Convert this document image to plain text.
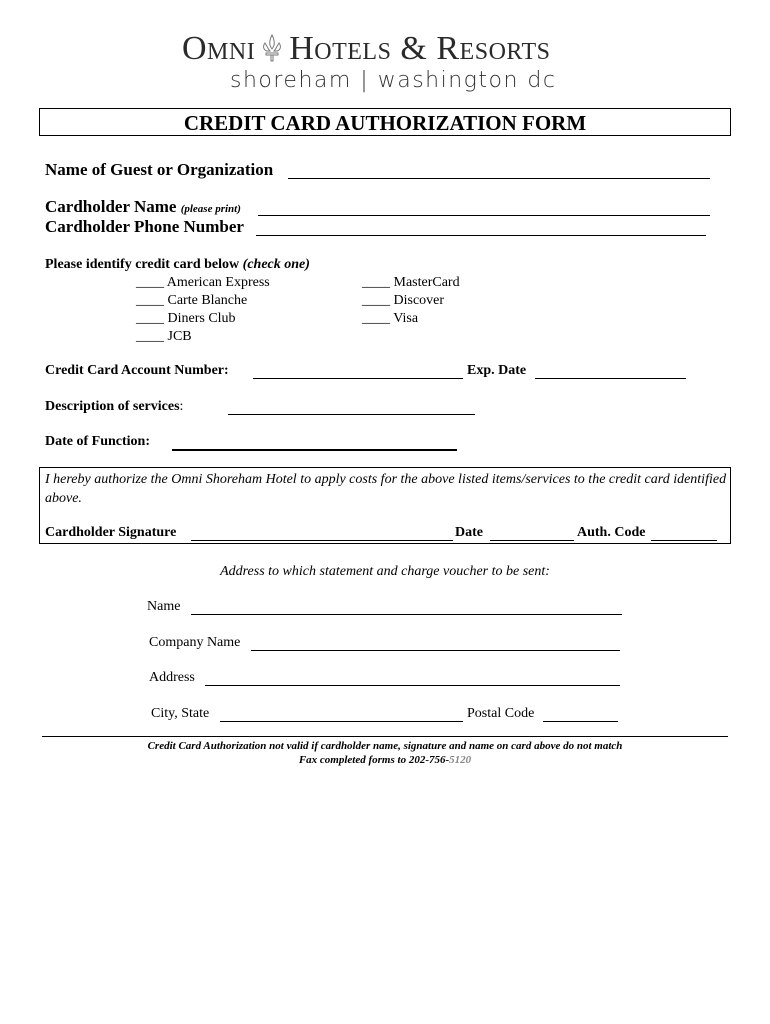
Omni Hotels & Resorts
shoreham | washington dc
CREDIT CARD AUTHORIZATION FORM
Name of Guest or Organization
Cardholder Name (please print)
Cardholder Phone Number
Please identify credit card below (check one)
____ American Express
____ Carte Blanche
____ Diners Club
____ JCB
____ MasterCard
____ Discover
____ Visa
Credit Card Account Number:	Exp. Date
Description of services:
Date of Function:
I hereby authorize the Omni Shoreham Hotel to apply costs for the above listed items/services to the credit card identified above.
Cardholder Signature	Date	Auth. Code
Address to which statement and charge voucher to be sent:
Name
Company Name
Address
City, State	Postal Code
Credit Card Authorization not valid if cardholder name, signature and name on card above do not match
Fax completed forms to 202-756-5120
